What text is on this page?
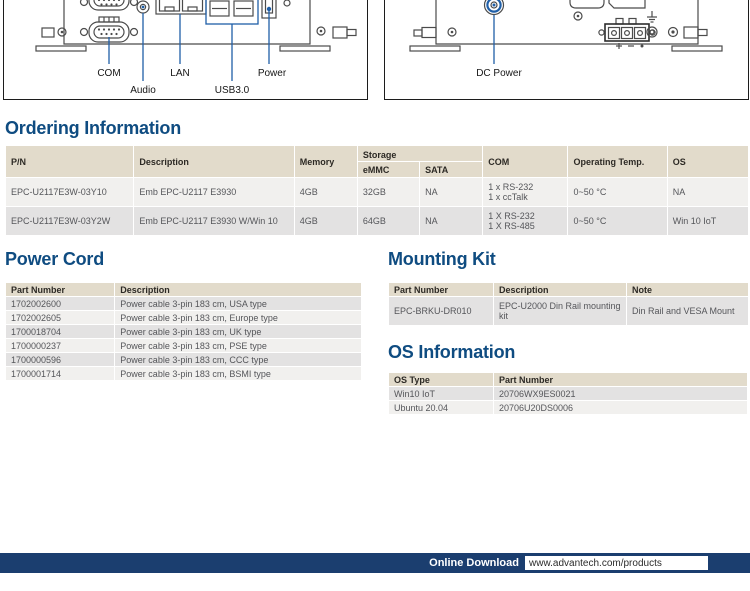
COM
Audio
LAN
USB3.0
Power	DC Power
Ordering Information
P/N	Description	Memory	Storage		COM	Operating Temp.	OS
			eMMC	SATA			
EPC-U2117E3W-03Y10	Emb EPC-U2117 E3930	4GB	32GB	NA	1 x RS-232
1 x ccTalk	0~50 °C	NA
EPC-U2117E3W-03Y2W	Emb EPC-U2117 E3930 W/Win 10	4GB	64GB	NA	1 X RS-232
1 X RS-485	0~50 °C	Win 10 IoT
Power Cord
Part Number	Description
1702002600	Power cable 3-pin 183 cm, USA type
1702002605	Power cable 3-pin 183 cm, Europe type
1700018704	Power cable 3-pin 183 cm, UK type
1700000237	Power cable 3-pin 183 cm, PSE type
1700000596	Power cable 3-pin 183 cm, CCC type
1700001714	Power cable 3-pin 183 cm, BSMI type
Mounting Kit
Part Number	Description	Note
EPC-BRKU-DR010	EPC-U2000 Din Rail mounting kit	Din Rail and VESA Mount
OS Information
OS Type	Part Number
Win10 IoT	20706WX9ES0021
Ubuntu 20.04	20706U20DS0006
Online Download www.advantech.com/products
